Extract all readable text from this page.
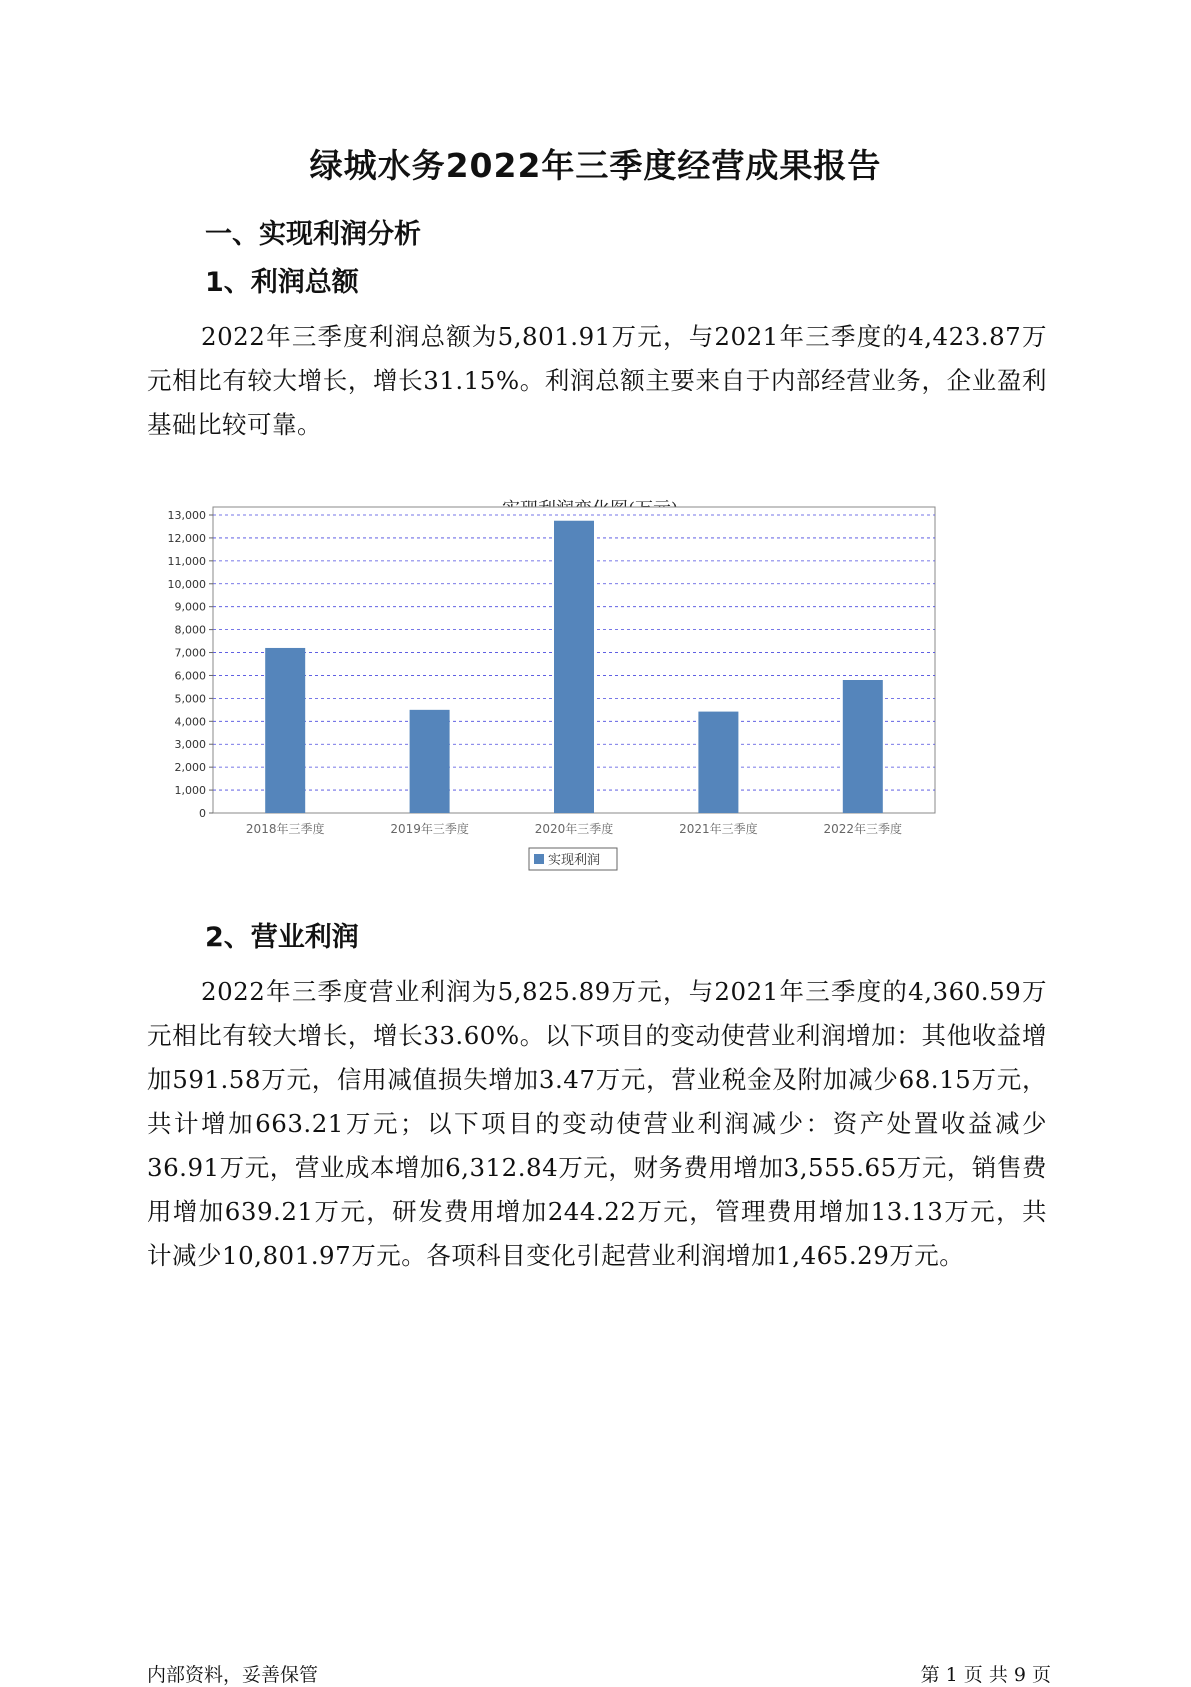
绿城水务2022年三季度经营成果报告
一、实现利润分析
1、利润总额

2022年三季度利润总额为5,801.91万元，与2021年三季度的4,423.87万元相比有较大增长，增长31.15%。利润总额主要来自于内部经营业务，企业盈利基础比较可靠。

0
1,000
2,000
3,000
4,000
5,000
6,000
7,000
8,000
9,000
10,000
11,000
12,000
13,000
2018年三季度	2019年三季度	2020年三季度	2021年三季度	2022年三季度
实现利润
2、营业利润

2022年三季度营业利润为5,825.89万元，与2021年三季度的4,360.59万元相比有较大增长，增长33.60%。以下项目的变动使营业利润增加：其他收益增加591.58万元，信用减值损失增加3.47万元，营业税金及附加减少68.15万元，共计增加663.21万元；以下项目的变动使营业利润减少：资产处置收益减少36.91万元，营业成本增加6,312.84万元，财务费用增加3,555.65万元，销售费用增加639.21万元，研发费用增加244.22万元，管理费用增加13.13万元，共计减少10,801.97万元。各项科目变化引起营业利润增加1,465.29万元。

内部资料，妥善保管	第 1 页 共 9 页
